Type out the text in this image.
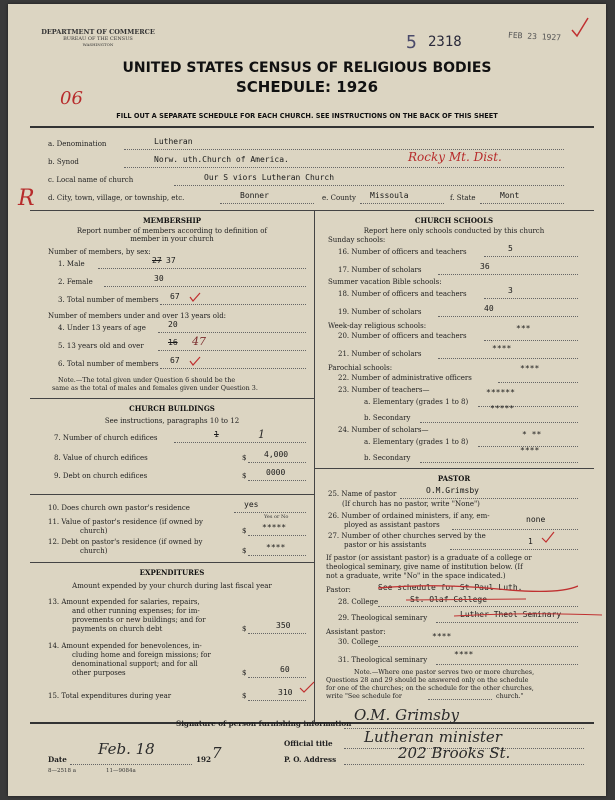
DEPARTMENT OF COMMERCE
BUREAU OF THE CENSUS
WASHINGTON	5 2318	FEB 23 1927
UNITED STATES CENSUS OF RELIGIOUS BODIES
SCHEDULE: 1926
06
FILL OUT A SEPARATE SCHEDULE FOR EACH CHURCH. SEE INSTRUCTIONS ON THE BACK OF THIS SHEET
a. Denomination	Lutheran
b. Synod	Norw. uth.Church of America.	Rocky Mt. Dist.
c. Local name of church	Our S viors Lutheran Church
R d. City, town, village, or township, etc.	Bonner	e. County Missoula	f. State	Mont
MEMBERSHIP
Report number of members according to definition of
member in your church
Number of members, by sex:
1. Male	27 37
2. Female	30
3. Total number of members 67
Number of members under and over 13 years old:
4. Under 13 years of age	20
5. 13 years old and over	16 47
6. Total number of members 67
Note.—The total given under Question 6 should be the
same as the total of males and females given under Question 3.
CHURCH BUILDINGS
See instructions, paragraphs 10 to 12
7. Number of church edifices	1	1
8. Value of church edifices	$ 4,000
9. Debt on church edifices	$ 0000
10. Does church own pastor's residence	yes
Yes or No
11. Value of pastor's residence (if owned by
church)	$ *****
12. Debt on pastor's residence (if owned by
church)	$ ****
EXPENDITURES
Amount expended by your church during last fiscal year
13. Amount expended for salaries, repairs,
and other running expenses; for im-
provements or new buildings; and for
payments on church debt	$	350
14. Amount expended for benevolences, in-
cluding home and foreign missions; for
denominational support; and for all
other purposes	$	60
15. Total expenditures during year	$	310
CHURCH SCHOOLS
Report here only schools conducted by this church
Sunday schools:
16. Number of officers and teachers	5
17. Number of scholars	36
Summer vacation Bible schools:
18. Number of officers and teachers	3
19. Number of scholars	40
Week-day religious schools:
20. Number of officers and teachers
***
21. Number of scholars
****
Parochial schools:
22. Number of administrative officers
****
23. Number of teachers—
a. Elementary (grades 1 to 8)
******
b. Secondary
*****
24. Number of scholars—
a. Elementary (grades 1 to 8)
* **
b. Secondary
****
PASTOR
25. Name of pastor	O.M.Grimsby
(If church has no pastor, write "None")
26. Number of ordained ministers, if any, em-
ployed as assistant pastors
none
27. Number of other churches served by the
pastor or his assistants	1
If pastor (or assistant pastor) is a graduate of a college or
theological seminary, give name of institution below. (If
not a graduate, write "No" in the space indicated.)
Pastor:	See schedule for St Paul Luth.
28. College	St. Olaf College
29. Theological seminary	Luther Theol Seminary
Assistant pastor:
30. College
****
31. Theological seminary
****
Note.—Where one pastor serves two or more churches,
Questions 28 and 29 should be answered only on the schedule
for one of the churches; on the schedule for the other churches,
write "See schedule for	church."
Signature of person furnishing information O.M. Grimsby
Official title Lutheran minister
Date
Feb. 18
192 7	P. O. Address	202 Brooks St.
8—2518 a	11—9084a
